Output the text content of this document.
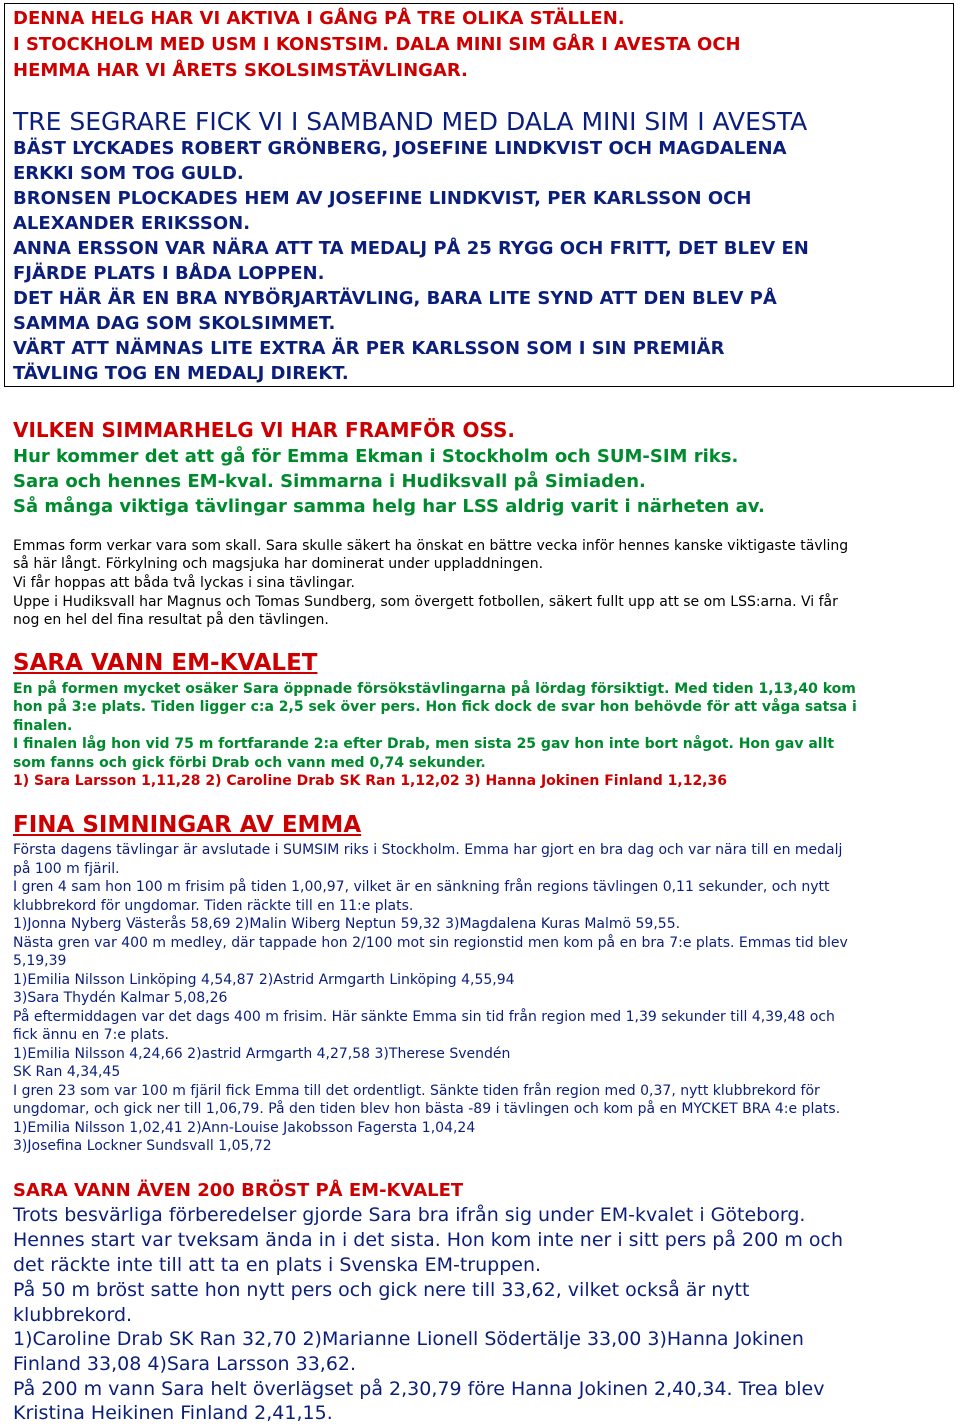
DENNA HELG HAR VI AKTIVA I GÅNG PÅ TRE OLIKA STÄLLEN.

I STOCKHOLM MED USM I KONSTSIM. DALA MINI SIM GÅR I AVESTA OCH

HEMMA HAR VI ÅRETS SKOLSIMSTÄVLINGAR.

TRE SEGRARE FICK VI I SAMBAND MED DALA MINI SIM I AVESTA

BÄST LYCKADES ROBERT GRÖNBERG, JOSEFINE LINDKVIST OCH MAGDALENA

ERKKI SOM TOG GULD.

BRONSEN PLOCKADES HEM AV JOSEFINE LINDKVIST, PER KARLSSON OCH

ALEXANDER ERIKSSON.

ANNA ERSSON VAR NÄRA ATT TA MEDALJ PÅ 25 RYGG OCH FRITT, DET BLEV EN

FJÄRDE PLATS I BÅDA LOPPEN.

DET HÄR ÄR EN BRA NYBÖRJARTÄVLING, BARA LITE SYND ATT DEN BLEV PÅ

SAMMA DAG SOM SKOLSIMMET.

VÄRT ATT NÄMNAS LITE EXTRA ÄR PER KARLSSON SOM I SIN PREMIÄR

TÄVLING TOG EN MEDALJ DIREKT.

VILKEN SIMMARHELG VI HAR FRAMFÖR OSS.

Hur kommer det att gå för Emma Ekman i Stockholm och SUM-SIM riks.

Sara och hennes EM-kval. Simmarna i Hudiksvall på Simiaden.

Så många viktiga tävlingar samma helg har LSS aldrig varit i närheten av.

Emmas form verkar vara som skall. Sara skulle säkert ha önskat en bättre vecka inför hennes kanske viktigaste tävling

så här långt. Förkylning och magsjuka har dominerat under uppladdningen.

Vi får hoppas att båda två lyckas i sina tävlingar.

Uppe i Hudiksvall har Magnus och Tomas Sundberg, som övergett fotbollen, säkert fullt upp att se om LSS:arna. Vi får

nog en hel del fina resultat på den tävlingen.

SARA VANN EM-KVALET

En på formen mycket osäker Sara öppnade försökstävlingarna på lördag försiktigt. Med tiden 1,13,40 kom

hon på 3:e plats. Tiden ligger c:a 2,5 sek över pers. Hon fick dock de svar hon behövde för att våga satsa i

finalen.

I finalen låg hon vid 75 m fortfarande 2:a efter Drab, men sista 25 gav hon inte bort något. Hon gav allt

som fanns och gick förbi Drab och vann med 0,74 sekunder.

1) Sara Larsson 1,11,28 2) Caroline Drab SK Ran 1,12,02 3) Hanna Jokinen Finland 1,12,36

FINA SIMNINGAR AV EMMA

Första dagens tävlingar är avslutade i SUMSIM riks i Stockholm. Emma har gjort en bra dag och var nära till en medalj

på 100 m fjäril.

I gren 4 sam hon 100 m frisim på tiden 1,00,97, vilket är en sänkning från regions tävlingen 0,11 sekunder, och nytt

klubbrekord för ungdomar. Tiden räckte till en 11:e plats.

1)Jonna Nyberg Västerås 58,69 2)Malin Wiberg Neptun 59,32 3)Magdalena Kuras Malmö 59,55.

Nästa gren var 400 m medley, där tappade hon 2/100 mot sin regionstid men kom på en bra 7:e plats. Emmas tid blev

5,19,39

1)Emilia Nilsson Linköping 4,54,87 2)Astrid Armgarth Linköping 4,55,94

3)Sara Thydén Kalmar 5,08,26

På eftermiddagen var det dags 400 m frisim. Här sänkte Emma sin tid från region med 1,39 sekunder till 4,39,48 och

fick ännu en 7:e plats.

1)Emilia Nilsson 4,24,66 2)astrid Armgarth 4,27,58 3)Therese Svendén

SK Ran 4,34,45

I gren 23 som var 100 m fjäril fick Emma till det ordentligt. Sänkte tiden från region med 0,37, nytt klubbrekord för

ungdomar, och gick ner till 1,06,79. På den tiden blev hon bästa -89 i tävlingen och kom på en MYCKET BRA 4:e plats.

1)Emilia Nilsson 1,02,41 2)Ann-Louise Jakobsson Fagersta 1,04,24

3)Josefina Lockner Sundsvall 1,05,72

SARA VANN ÄVEN 200 BRÖST PÅ EM-KVALET

Trots besvärliga förberedelser gjorde Sara bra ifrån sig under EM-kvalet i Göteborg.

Hennes start var tveksam ända in i det sista. Hon kom inte ner i sitt pers på 200 m och

det räckte inte till att ta en plats i Svenska EM-truppen.

På 50 m bröst satte hon nytt pers och gick nere till 33,62, vilket också är nytt

klubbrekord.

1)Caroline Drab SK Ran 32,70 2)Marianne Lionell Södertälje 33,00 3)Hanna Jokinen

Finland 33,08 4)Sara Larsson 33,62.

På 200 m vann Sara helt överlägset på 2,30,79 före Hanna Jokinen 2,40,34. Trea blev

Kristina Heikinen Finland 2,41,15.
